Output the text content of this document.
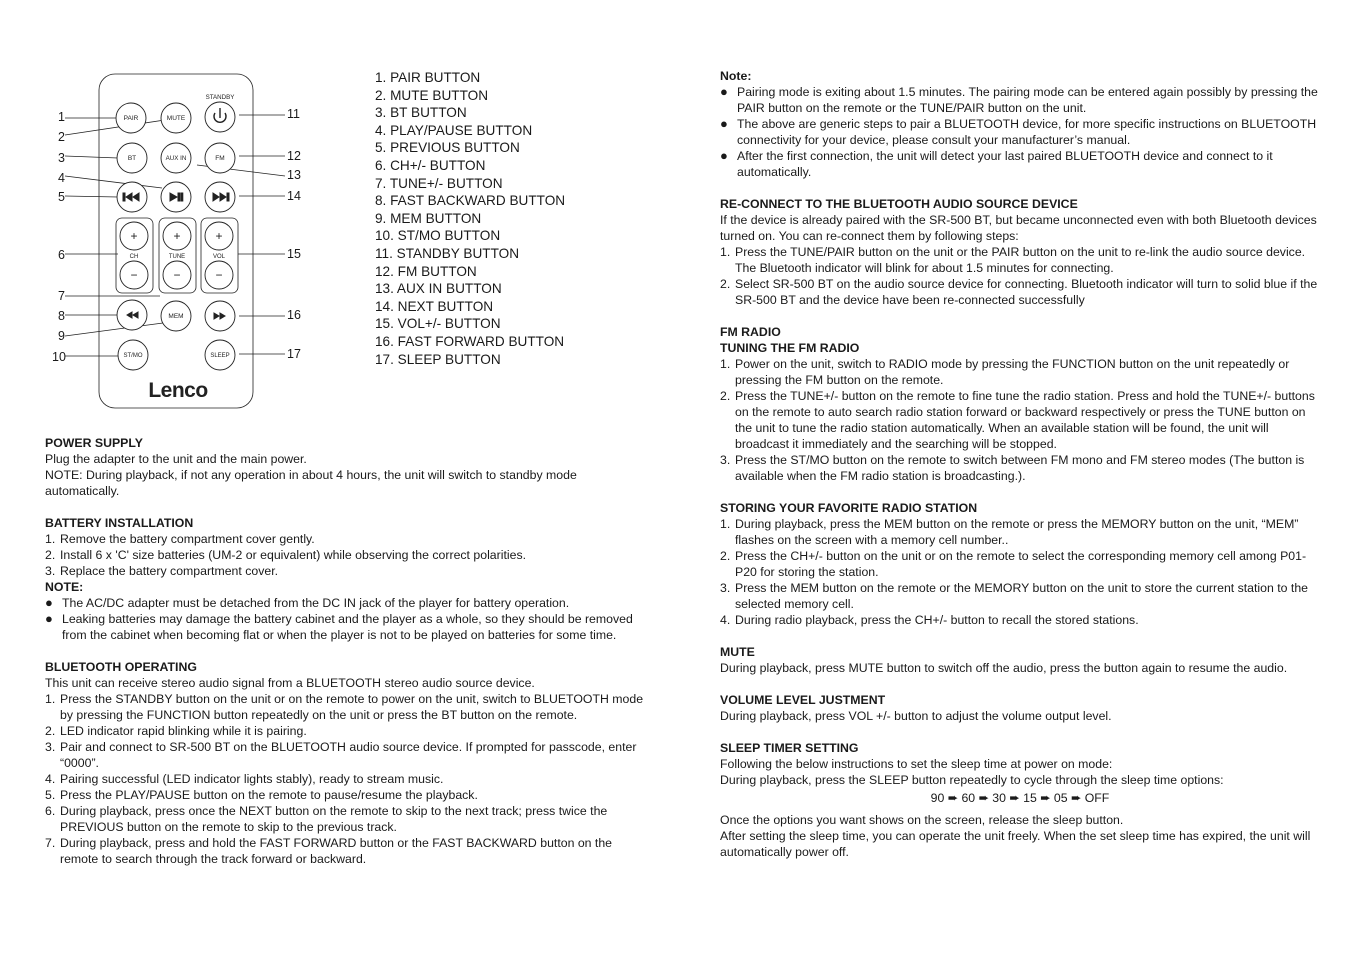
STANDBY
PAIR	MUTE
BT	AUX IN	FM
+	+	+
−	−	−
CH	TUNE	VOL
MEM
ST/MO	SLEEP
Lenco
1
2
3
4
5
6
7
8
9
10
11
12
13
14
15
16
17
1. PAIR BUTTON
2. MUTE BUTTON
3. BT BUTTON
4. PLAY/PAUSE BUTTON
5. PREVIOUS BUTTON
6. CH+/- BUTTON
7. TUNE+/- BUTTON
8. FAST BACKWARD BUTTON
9. MEM BUTTON
10. ST/MO BUTTON
11. STANDBY BUTTON
12. FM BUTTON
13. AUX IN BUTTON
14. NEXT BUTTON
15. VOL+/- BUTTON
16. FAST FORWARD BUTTON
17. SLEEP BUTTON

POWER SUPPLY

Plug the adapter to the unit and the main power.

NOTE: During playback, if not any operation in about 4 hours, the unit will switch to standby mode automatically.

BATTERY INSTALLATION

1. Remove the battery compartment cover gently.
2. Install 6 x 'C' size batteries (UM-2 or equivalent) while observing the correct polarities.
3. Replace the battery compartment cover.

NOTE:

● The AC/DC adapter must be detached from the DC IN jack of the player for battery operation.
● Leaking batteries may damage the battery cabinet and the player as a whole, so they should be removed from the cabinet when becoming flat or when the player is not to be played on batteries for some time.

BLUETOOTH OPERATING

This unit can receive stereo audio signal from a BLUETOOTH stereo audio source device.

1. Press the STANDBY button on the unit or on the remote to power on the unit, switch to BLUETOOTH mode by pressing the FUNCTION button repeatedly on the unit or press the BT button on the remote.
2. LED indicator rapid blinking while it is pairing.
3. Pair and connect to SR-500 BT on the BLUETOOTH audio source device. If prompted for passcode, enter “0000”.
4. Pairing successful (LED indicator lights stably), ready to stream music.
5. Press the PLAY/PAUSE button on the remote to pause/resume the playback.
6. During playback, press once the NEXT button on the remote to skip to the next track; press twice the PREVIOUS button on the remote to skip to the previous track.
7. During playback, press and hold the FAST FORWARD button or the FAST BACKWARD button on the remote to search through the track forward or backward.

Note:

● Pairing mode is exiting about 1.5 minutes. The pairing mode can be entered again possibly by pressing the PAIR button on the remote or the TUNE/PAIR button on the unit.
● The above are generic steps to pair a BLUETOOTH device, for more specific instructions on BLUETOOTH connectivity for your device, please consult your manufacturer’s manual.
● After the first connection, the unit will detect your last paired BLUETOOTH device and connect to it automatically.

RE-CONNECT TO THE BLUETOOTH AUDIO SOURCE DEVICE

If the device is already paired with the SR-500 BT, but became unconnected even with both Bluetooth devices turned on. You can re-connect them by following steps:

1. Press the TUNE/PAIR button on the unit or the PAIR button on the unit to re-link the audio source device. The Bluetooth indicator will blink for about 1.5 minutes for connecting.
2. Select SR-500 BT on the audio source device for connecting. Bluetooth indicator will turn to solid blue if the SR-500 BT and the device have been re-connected successfully

FM RADIO

TUNING THE FM RADIO

1. Power on the unit, switch to RADIO mode by pressing the FUNCTION button on the unit repeatedly or pressing the FM button on the remote.
2. Press the TUNE+/- button on the remote to fine tune the radio station. Press and hold the TUNE+/- buttons on the remote to auto search radio station forward or backward respectively or press the TUNE button on the unit to tune the radio station automatically. When an available station will be found, the unit will broadcast it immediately and the searching will be stopped.
3. Press the ST/MO button on the remote to switch between FM mono and FM stereo modes (The button is available when the FM radio station is broadcasting.).

STORING YOUR FAVORITE RADIO STATION

1. During playback, press the MEM button on the remote or press the MEMORY button on the unit, “MEM” flashes on the screen with a memory cell number..
2. Press the CH+/- button on the unit or on the remote to select the corresponding memory cell among P01-P20 for storing the station.
3. Press the MEM button on the remote or the MEMORY button on the unit to store the current station to the selected memory cell.
4. During radio playback, press the CH+/- button to recall the stored stations.

MUTE

During playback, press MUTE button to switch off the audio, press the button again to resume the audio.

VOLUME LEVEL JUSTMENT

During playback, press VOL +/- button to adjust the volume output level.

SLEEP TIMER SETTING

Following the below instructions to set the sleep time at power on mode:

During playback, press the SLEEP button repeatedly to cycle through the sleep time options:

90 ➨ 60 ➨ 30 ➨ 15 ➨ 05 ➨ OFF

Once the options you want shows on the screen, release the sleep button.

After setting the sleep time, you can operate the unit freely. When the set sleep time has expired, the unit will automatically power off.
